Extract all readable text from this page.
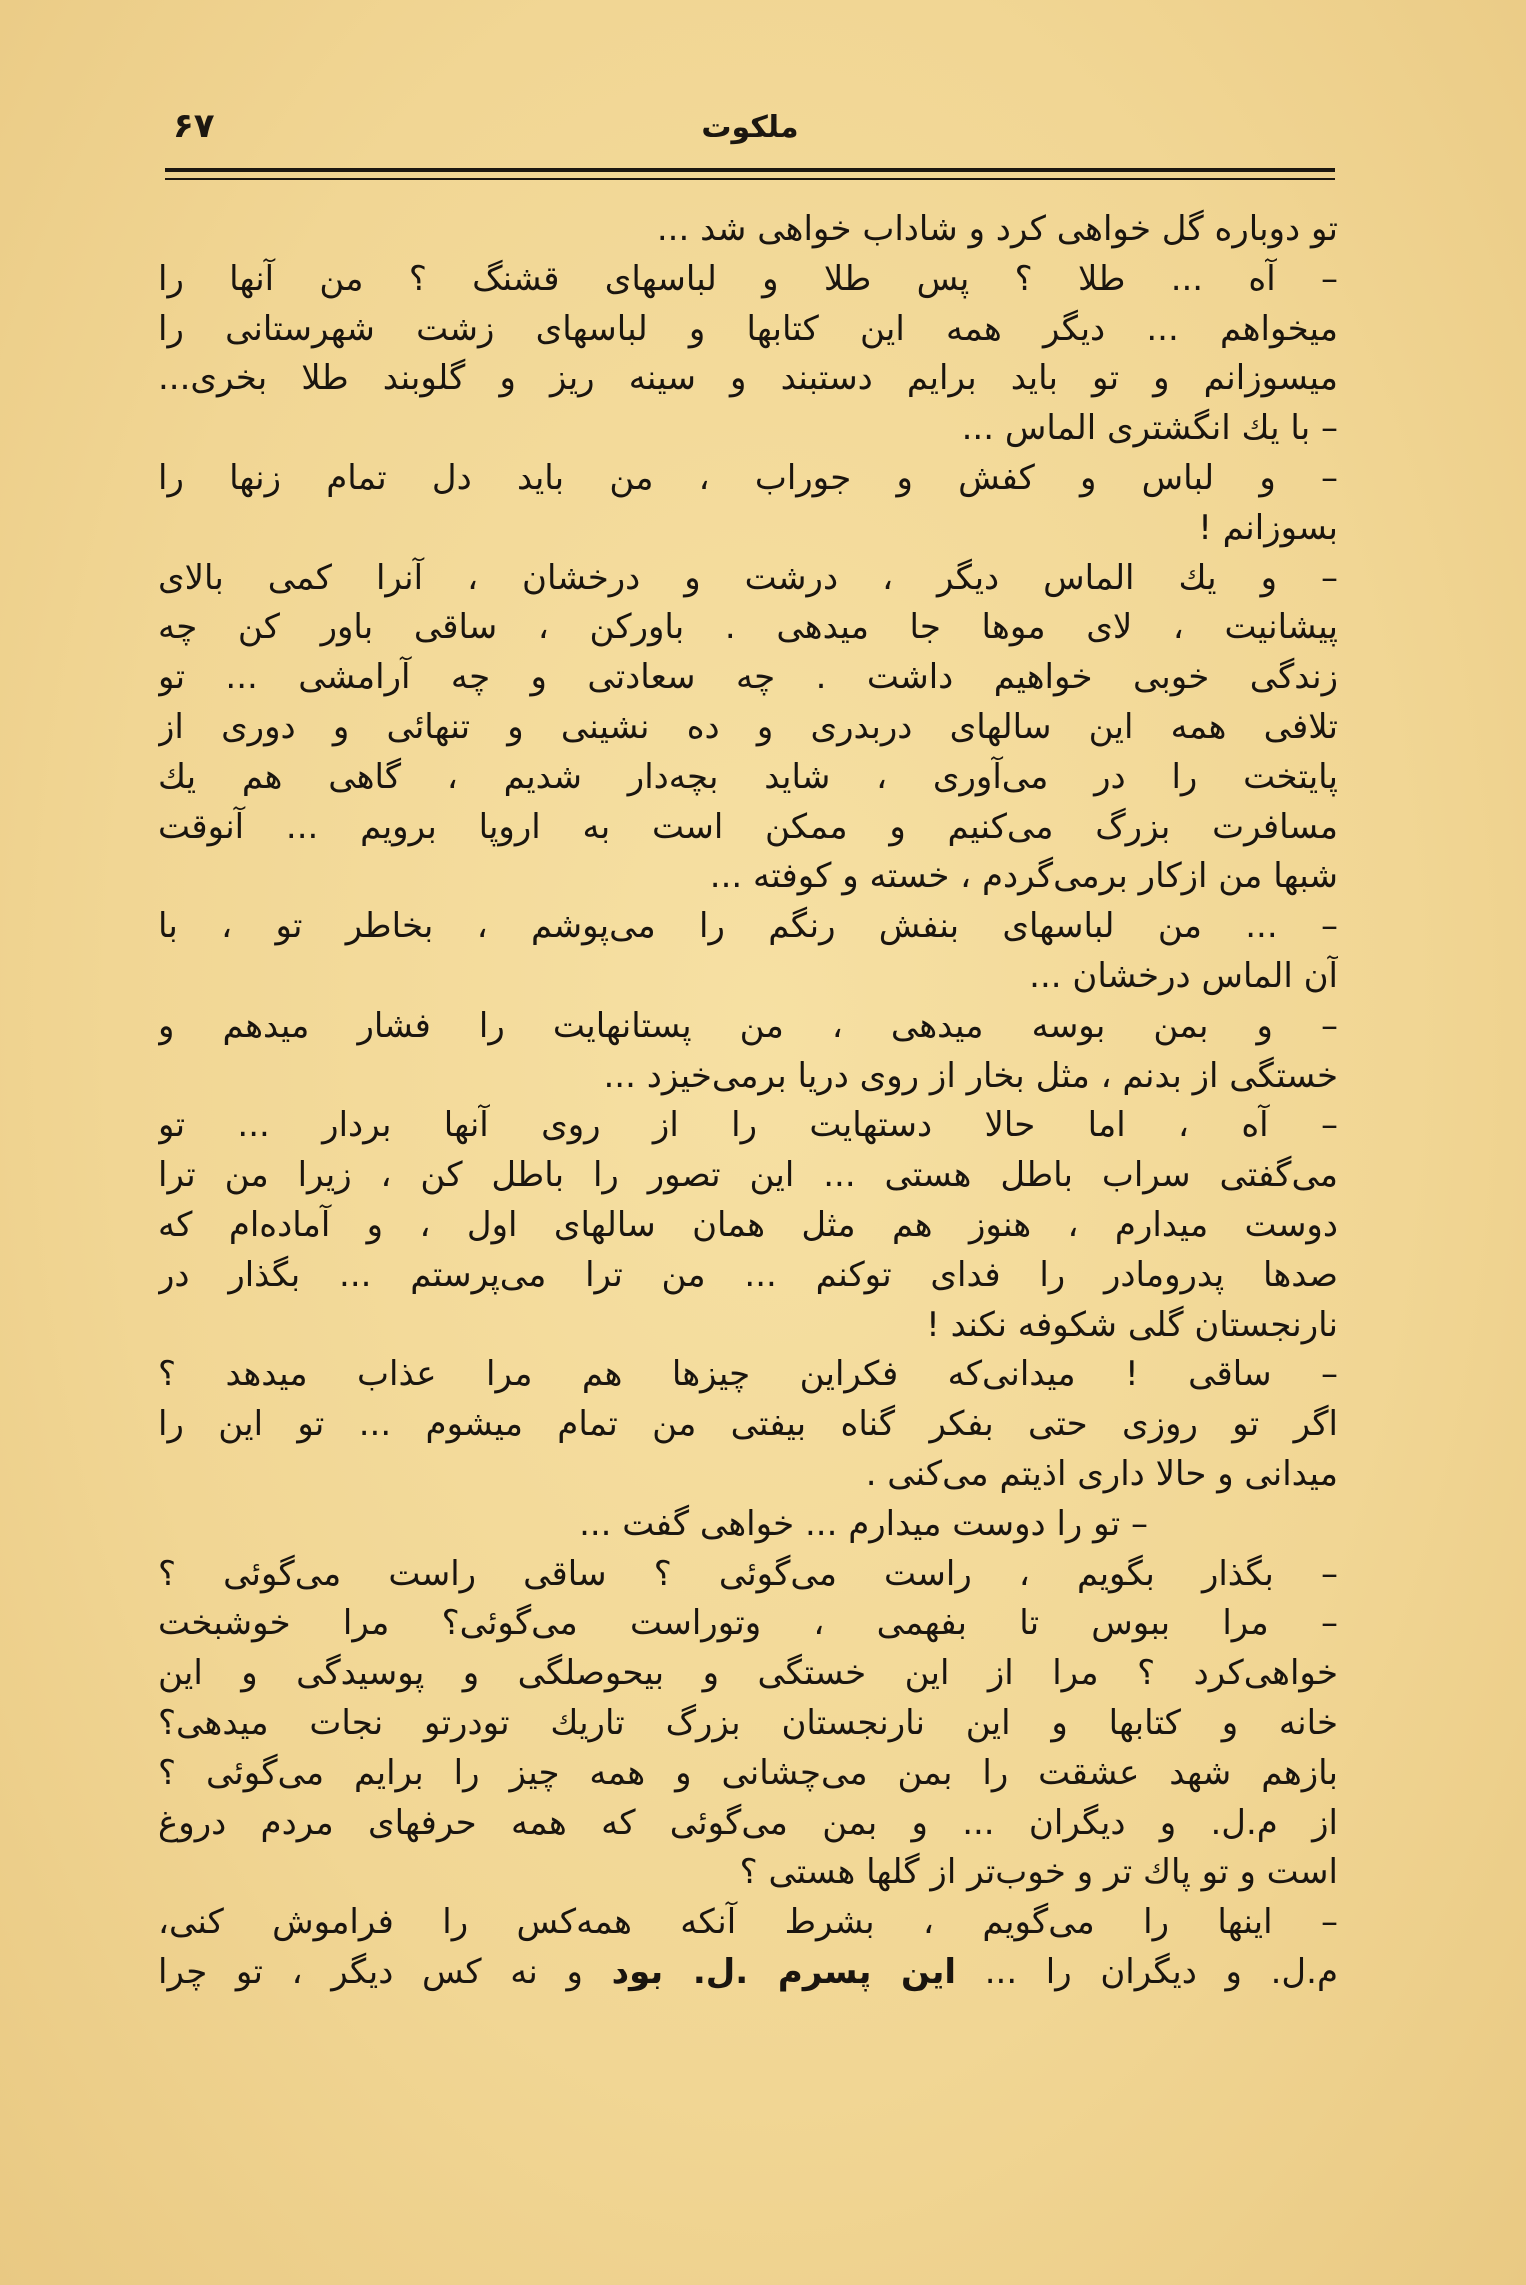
۶۷	ملکوت
تو دوباره گل خواهی کرد و شاداب خواهی شد ...
– آه ... طلا ؟ پس طلا و لباسهای قشنگ ؟ من آنها را
میخواهم ... دیگر همه این کتابها و لباسهای زشت شهرستانی را
میسوزانم و تو باید برایم دستبند و سینه ریز و گلوبند طلا بخری...
– با یك انگشتری الماس ...
– و لباس و کفش و جوراب ، من باید دل تمام زنها را
بسوزانم !
– و یك الماس دیگر ، درشت و درخشان ، آنرا کمی بالای
پیشانیت ، لای موها جا میدهی . باورکن ، ساقی باور کن چه
زندگی خوبی خواهیم داشت . چه سعادتی و چه آرامشی ... تو
تلافی همه این سالهای دربدری و ده نشینی و تنهائی و دوری از
پایتخت را در می‌آوری ، شاید بچه‌دار شدیم ، گاهی هم یك
مسافرت بزرگ می‌کنیم و ممکن است به اروپا برویم ... آنوقت
شبها من ازکار برمی‌گردم ، خسته و کوفته ...
– ... من لباسهای بنفش رنگم را می‌پوشم ، بخاطر تو ، با
آن الماس درخشان ...
– و بمن بوسه میدهی ، من پستانهایت را فشار میدهم و
خستگی از بدنم ، مثل بخار از روی دریا برمی‌خیزد ...
– آه ، اما حالا دستهایت را از روی آنها بردار ... تو
می‌گفتی سراب باطل هستی ... این تصور را باطل کن ، زیرا من ترا
دوست میدارم ، هنوز هم مثل همان سالهای اول ، و آماده‌ام که
صدها پدرومادر را فدای توکنم ... من ترا می‌پرستم ... بگذار در
نارنجستان گلی شکوفه نکند !
– ساقی ! میدانی‌که فکراین چیزها هم مرا عذاب میدهد ؟
اگر تو روزی حتی بفکر گناه بیفتی من تمام میشوم ... تو این را
میدانی و حالا داری اذیتم می‌کنی .
– تو را دوست میدارم ... خواهی گفت ...
– بگذار بگویم ، راست می‌گوئی ؟ ساقی راست می‌گوئی ؟
– مرا ببوس تا بفهمی ، وتوراست می‌گوئی؟ مرا خوشبخت
خواهی‌کرد ؟ مرا از این خستگی و بیحوصلگی و پوسیدگی و این
خانه و کتابها و این نارنجستان بزرگ تاریك تودرتو نجات میدهی؟
بازهم شهد عشقت را بمن می‌چشانی و همه چیز را برایم می‌گوئی ؟
از م.ل. و دیگران ... و بمن می‌گوئی که همه حرفهای مردم دروغ
است و تو پاك تر و خوب‌تر از گلها هستی ؟
– اینها را می‌گویم ، بشرط آنکه همه‌کس را فراموش کنی،
م.ل. و دیگران را ... این پسرم .ل. بود و نه کس دیگر ، تو چرا
